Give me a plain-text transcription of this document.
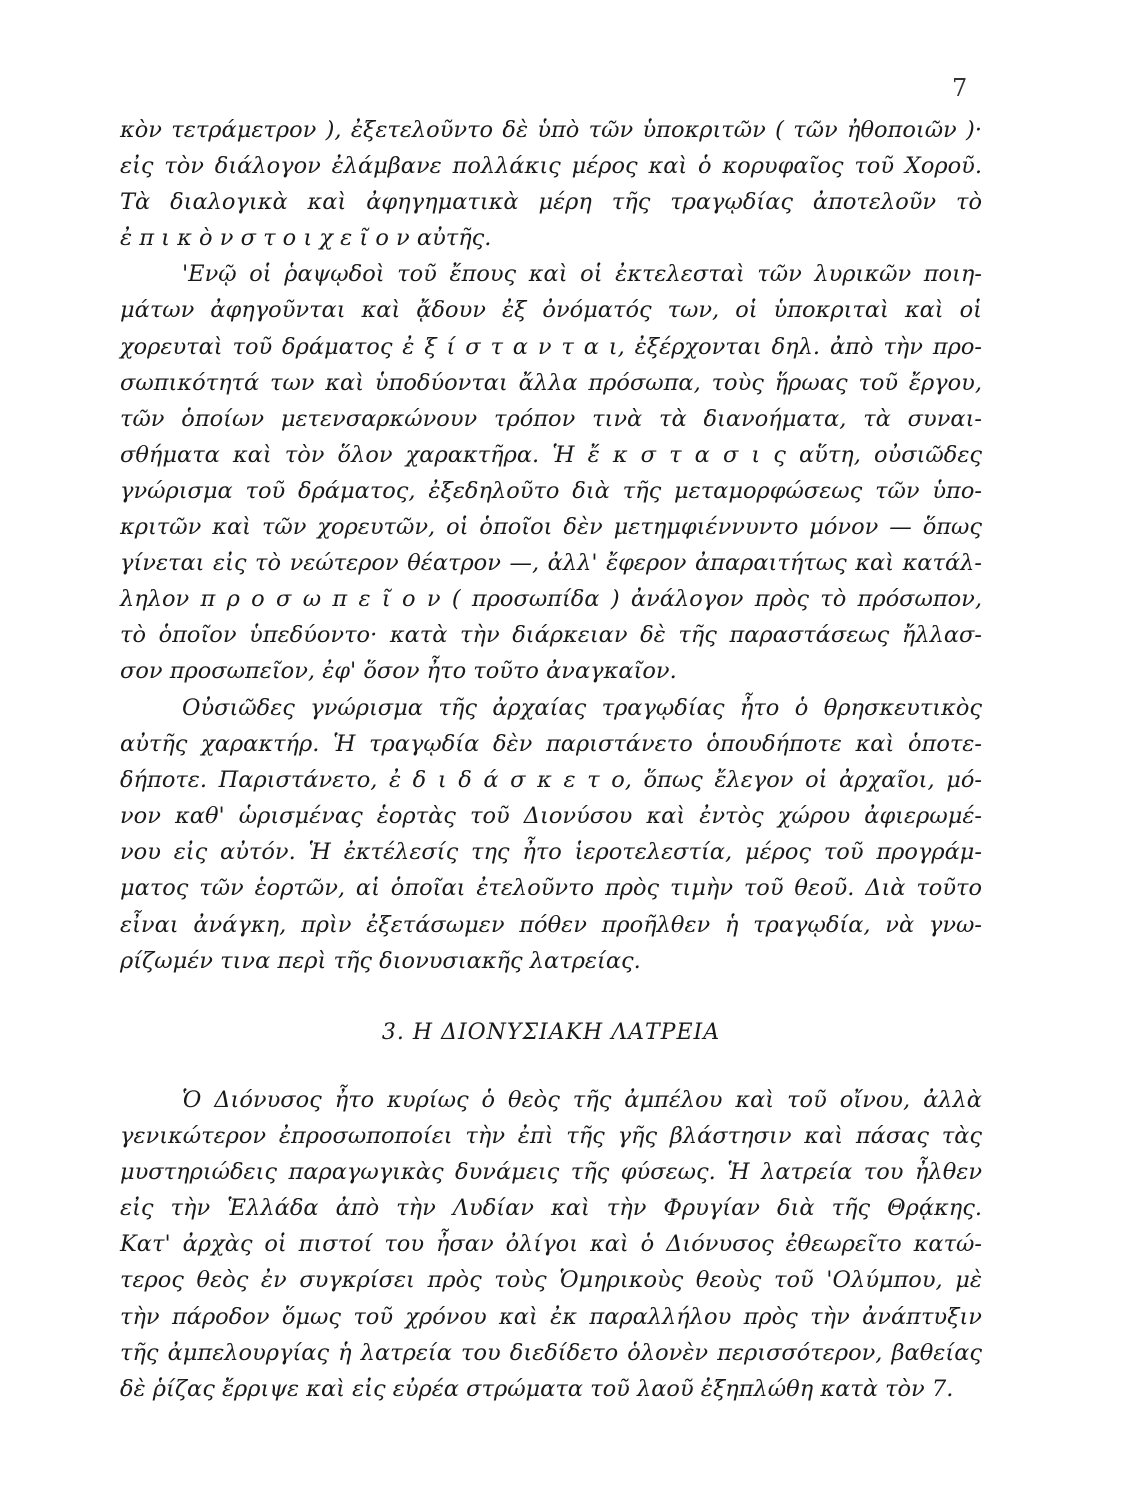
7
κὸν τετράμετρον ), ἐξετελοῦντο δὲ ὑπὸ τῶν ὑποκριτῶν ( τῶν ἠθοποιῶν )·
εἰς τὸν διάλογον ἐλάμβανε πολλάκις μέρος καὶ ὁ κορυφαῖος τοῦ Χοροῦ.
Τὰ διαλογικὰ καὶ ἀφηγηματικὰ μέρη τῆς τραγῳδίας ἀποτελοῦν τὸ
ἐ π ι κ ὸ ν σ τ ο ι χ ε ῖ ο ν αὐτῆς.
'Ενῷ οἱ ῥαψῳδοὶ τοῦ ἔπους καὶ οἱ ἐκτελεσταὶ τῶν λυρικῶν ποιη-
μάτων ἀφηγοῦνται καὶ ᾄδουν ἐξ ὀνόματός των, οἱ ὑποκριταὶ καὶ οἱ
χορευταὶ τοῦ δράματος ἐ ξ ί σ τ α ν τ α ι, ἐξέρχονται δηλ. ἀπὸ τὴν προ-
σωπικότητά των καὶ ὑποδύονται ἄλλα πρόσωπα, τοὺς ἥρωας τοῦ ἔργου,
τῶν ὁποίων μετενσαρκώνουν τρόπον τινὰ τὰ διανοήματα, τὰ συναι-
σθήματα καὶ τὸν ὅλον χαρακτῆρα. Ἡ ἔ κ σ τ α σ ι ς αὕτη, οὐσιῶδες
γνώρισμα τοῦ δράματος, ἐξεδηλοῦτο διὰ τῆς μεταμορφώσεως τῶν ὑπο-
κριτῶν καὶ τῶν χορευτῶν, οἱ ὁποῖοι δὲν μετημφιέννυντο μόνον — ὅπως
γίνεται εἰς τὸ νεώτερον θέατρον —, ἀλλ' ἔφερον ἀπαραιτήτως καὶ κατάλ-
ληλον π ρ ο σ ω π ε ῖ ο ν ( προσωπίδα ) ἀνάλογον πρὸς τὸ πρόσωπον,
τὸ ὁποῖον ὑπεδύοντο· κατὰ τὴν διάρκειαν δὲ τῆς παραστάσεως ἤλλασ-
σον προσωπεῖον, ἐφ' ὅσον ἦτο τοῦτο ἀναγκαῖον.
Οὐσιῶδες γνώρισμα τῆς ἀρχαίας τραγῳδίας ἦτο ὁ θρησκευτικὸς
αὐτῆς χαρακτήρ. Ἡ τραγῳδία δὲν παριστάνετο ὁπουδήποτε καὶ ὁποτε-
δήποτε. Παριστάνετο, ἐ δ ι δ ά σ κ ε τ ο, ὅπως ἔλεγον οἱ ἀρχαῖοι, μό-
νον καθ' ὡρισμένας ἑορτὰς τοῦ Διονύσου καὶ ἐντὸς χώρου ἀφιερωμέ-
νου εἰς αὐτόν. Ἡ ἐκτέλεσίς της ἦτο ἱεροτελεστία, μέρος τοῦ προγράμ-
ματος τῶν ἑορτῶν, αἱ ὁποῖαι ἐτελοῦντο πρὸς τιμὴν τοῦ θεοῦ. Διὰ τοῦτο
εἶναι ἀνάγκη, πρὶν ἐξετάσωμεν πόθεν προῆλθεν ἡ τραγῳδία, νὰ γνω-
ρίζωμέν τινα περὶ τῆς διονυσιακῆς λατρείας.
3. Η ΔΙΟΝΥΣΙΑΚΗ ΛΑΤΡΕΙΑ
Ὁ Διόνυσος ἦτο κυρίως ὁ θεὸς τῆς ἀμπέλου καὶ τοῦ οἴνου, ἀλλὰ
γενικώτερον ἐπροσωποποίει τὴν ἐπὶ τῆς γῆς βλάστησιν καὶ πάσας τὰς
μυστηριώδεις παραγωγικὰς δυνάμεις τῆς φύσεως. Ἡ λατρεία του ἦλθεν
εἰς τὴν Ἑλλάδα ἀπὸ τὴν Λυδίαν καὶ τὴν Φρυγίαν διὰ τῆς Θρᾴκης.
Κατ' ἀρχὰς οἱ πιστοί του ἦσαν ὀλίγοι καὶ ὁ Διόνυσος ἐθεωρεῖτο κατώ-
τερος θεὸς ἐν συγκρίσει πρὸς τοὺς Ὁμηρικοὺς θεοὺς τοῦ 'Ολύμπου, μὲ
τὴν πάροδον ὅμως τοῦ χρόνου καὶ ἐκ παραλλήλου πρὸς τὴν ἀνάπτυξιν
τῆς ἀμπελουργίας ἡ λατρεία του διεδίδετο ὁλονὲν περισσότερον, βαθείας
δὲ ῥίζας ἔρριψε καὶ εἰς εὐρέα στρώματα τοῦ λαοῦ ἐξηπλώθη κατὰ τὸν 7.
